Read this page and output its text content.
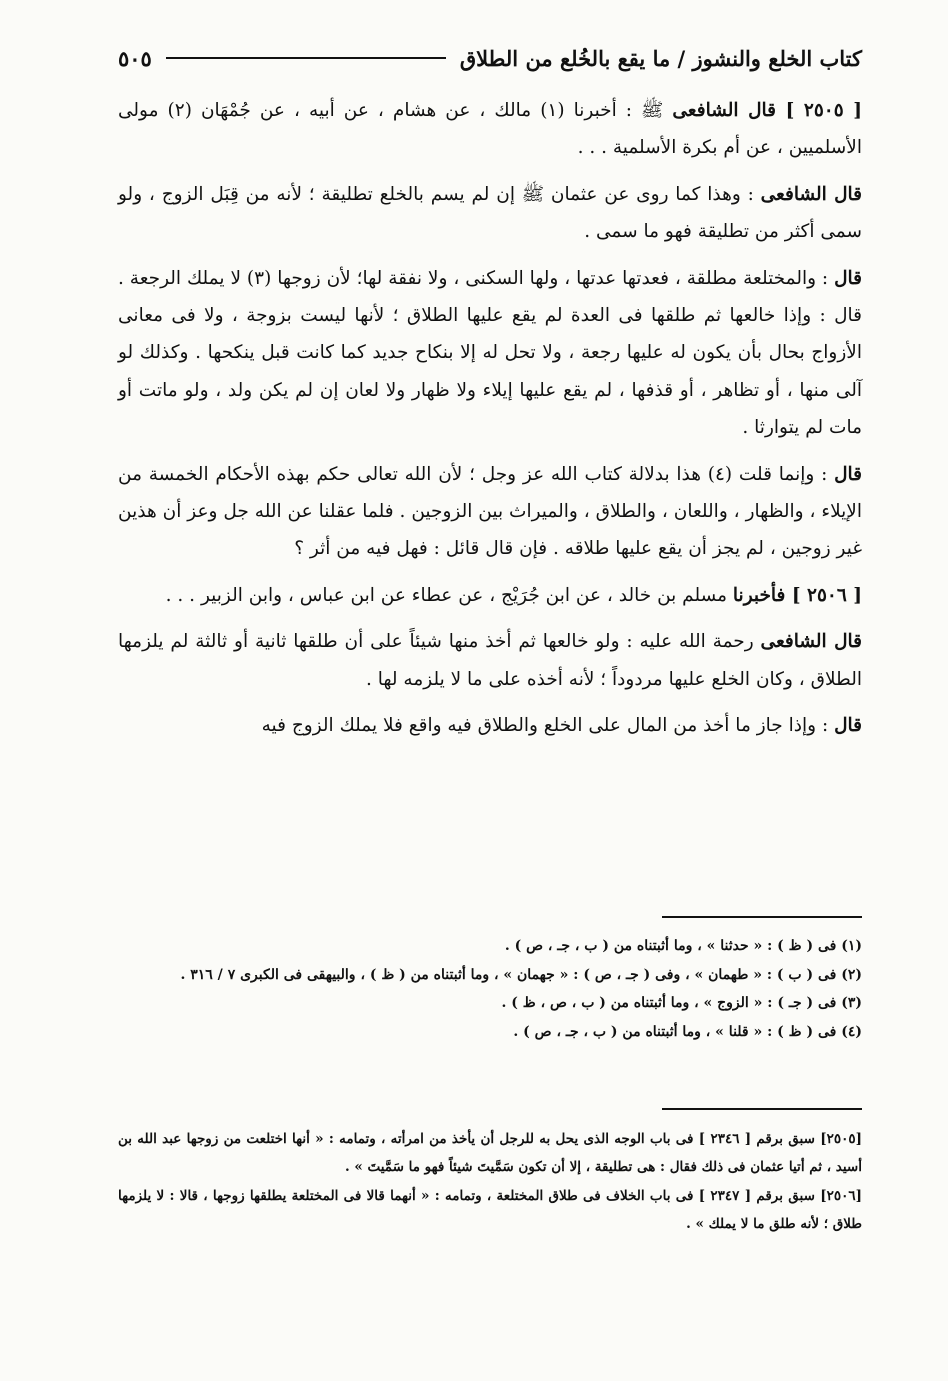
كتاب الخلع والنشوز / ما يقع بالخُلع من الطلاق
٥٠٥

[ ٢٥٠٥ ] قال الشافعى ﷺ : أخبرنا (١) مالك ، عن هشام ، عن أبيه ، عن جُمْهَان (٢) مولى الأسلميين ، عن أم بكرة الأسلمية . . .

قال الشافعى : وهذا كما روى عن عثمان ﷺ إن لم يسم بالخلع تطليقة ؛ لأنه من قِبَل الزوج ، ولو سمى أكثر من تطليقة فهو ما سمى .

قال : والمختلعة مطلقة ، فعدتها عدتها ، ولها السكنى ، ولا نفقة لها؛ لأن زوجها (٣) لا يملك الرجعة . قال : وإذا خالعها ثم طلقها فى العدة لم يقع عليها الطلاق ؛ لأنها ليست بزوجة ، ولا فى معانى الأزواج بحال بأن يكون له عليها رجعة ، ولا تحل له إلا بنكاح جديد كما كانت قبل ينكحها . وكذلك لو آلى منها ، أو تظاهر ، أو قذفها ، لم يقع عليها إيلاء ولا ظهار ولا لعان إن لم يكن ولد ، ولو ماتت أو مات لم يتوارثا .

قال : وإنما قلت (٤) هذا بدلالة كتاب الله عز وجل ؛ لأن الله تعالى حكم بهذه الأحكام الخمسة من الإيلاء ، والظهار ، واللعان ، والطلاق ، والميراث بين الزوجين . فلما عقلنا عن الله جل وعز أن هذين غير زوجين ، لم يجز أن يقع عليها طلاقه . فإن قال قائل : فهل فيه من أثر ؟

[ ٢٥٠٦ ] فأخبرنا مسلم بن خالد ، عن ابن جُرَيْج ، عن عطاء عن ابن عباس ، وابن الزبير . . .

قال الشافعى رحمة الله عليه : ولو خالعها ثم أخذ منها شيئاً على أن طلقها ثانية أو ثالثة لم يلزمها الطلاق ، وكان الخلع عليها مردوداً ؛ لأنه أخذه على ما لا يلزمه لها .

قال : وإذا جاز ما أخذ من المال على الخلع والطلاق فيه واقع فلا يملك الزوج فيه

(١) فى ( ظ ) : « حدثنا » ، وما أثبتناه من ( ب ، جـ ، ص ) .

(٢) فى ( ب ) : « طهمان » ، وفى ( جـ ، ص ) : « جهمان » ، وما أثبتناه من ( ظ ) ، والبيهقى فى الكبرى ٧ / ٣١٦ .

(٣) فى ( جـ ) : « الزوج » ، وما أثبتناه من ( ب ، ص ، ظ ) .

(٤) فى ( ظ ) : « قلنا » ، وما أثبتناه من ( ب ، جـ ، ص ) .

[٢٥٠٥] سبق برقم [ ٢٣٤٦ ] فى باب الوجه الذى يحل به للرجل أن يأخذ من امرأته ، وتمامه : « أنها اختلعت من زوجها عبد الله بن أسيد ، ثم أتيا عثمان فى ذلك فقال : هى تطليقة ، إلا أن تكون سَمَّيتَ شيئاً فهو ما سَمَّيتَ » .

[٢٥٠٦] سبق برقم [ ٢٣٤٧ ] فى باب الخلاف فى طلاق المختلعة ، وتمامه : « أنهما قالا فى المختلعة يطلقها زوجها ، قالا : لا يلزمها طلاق ؛ لأنه طلق ما لا يملك » .
